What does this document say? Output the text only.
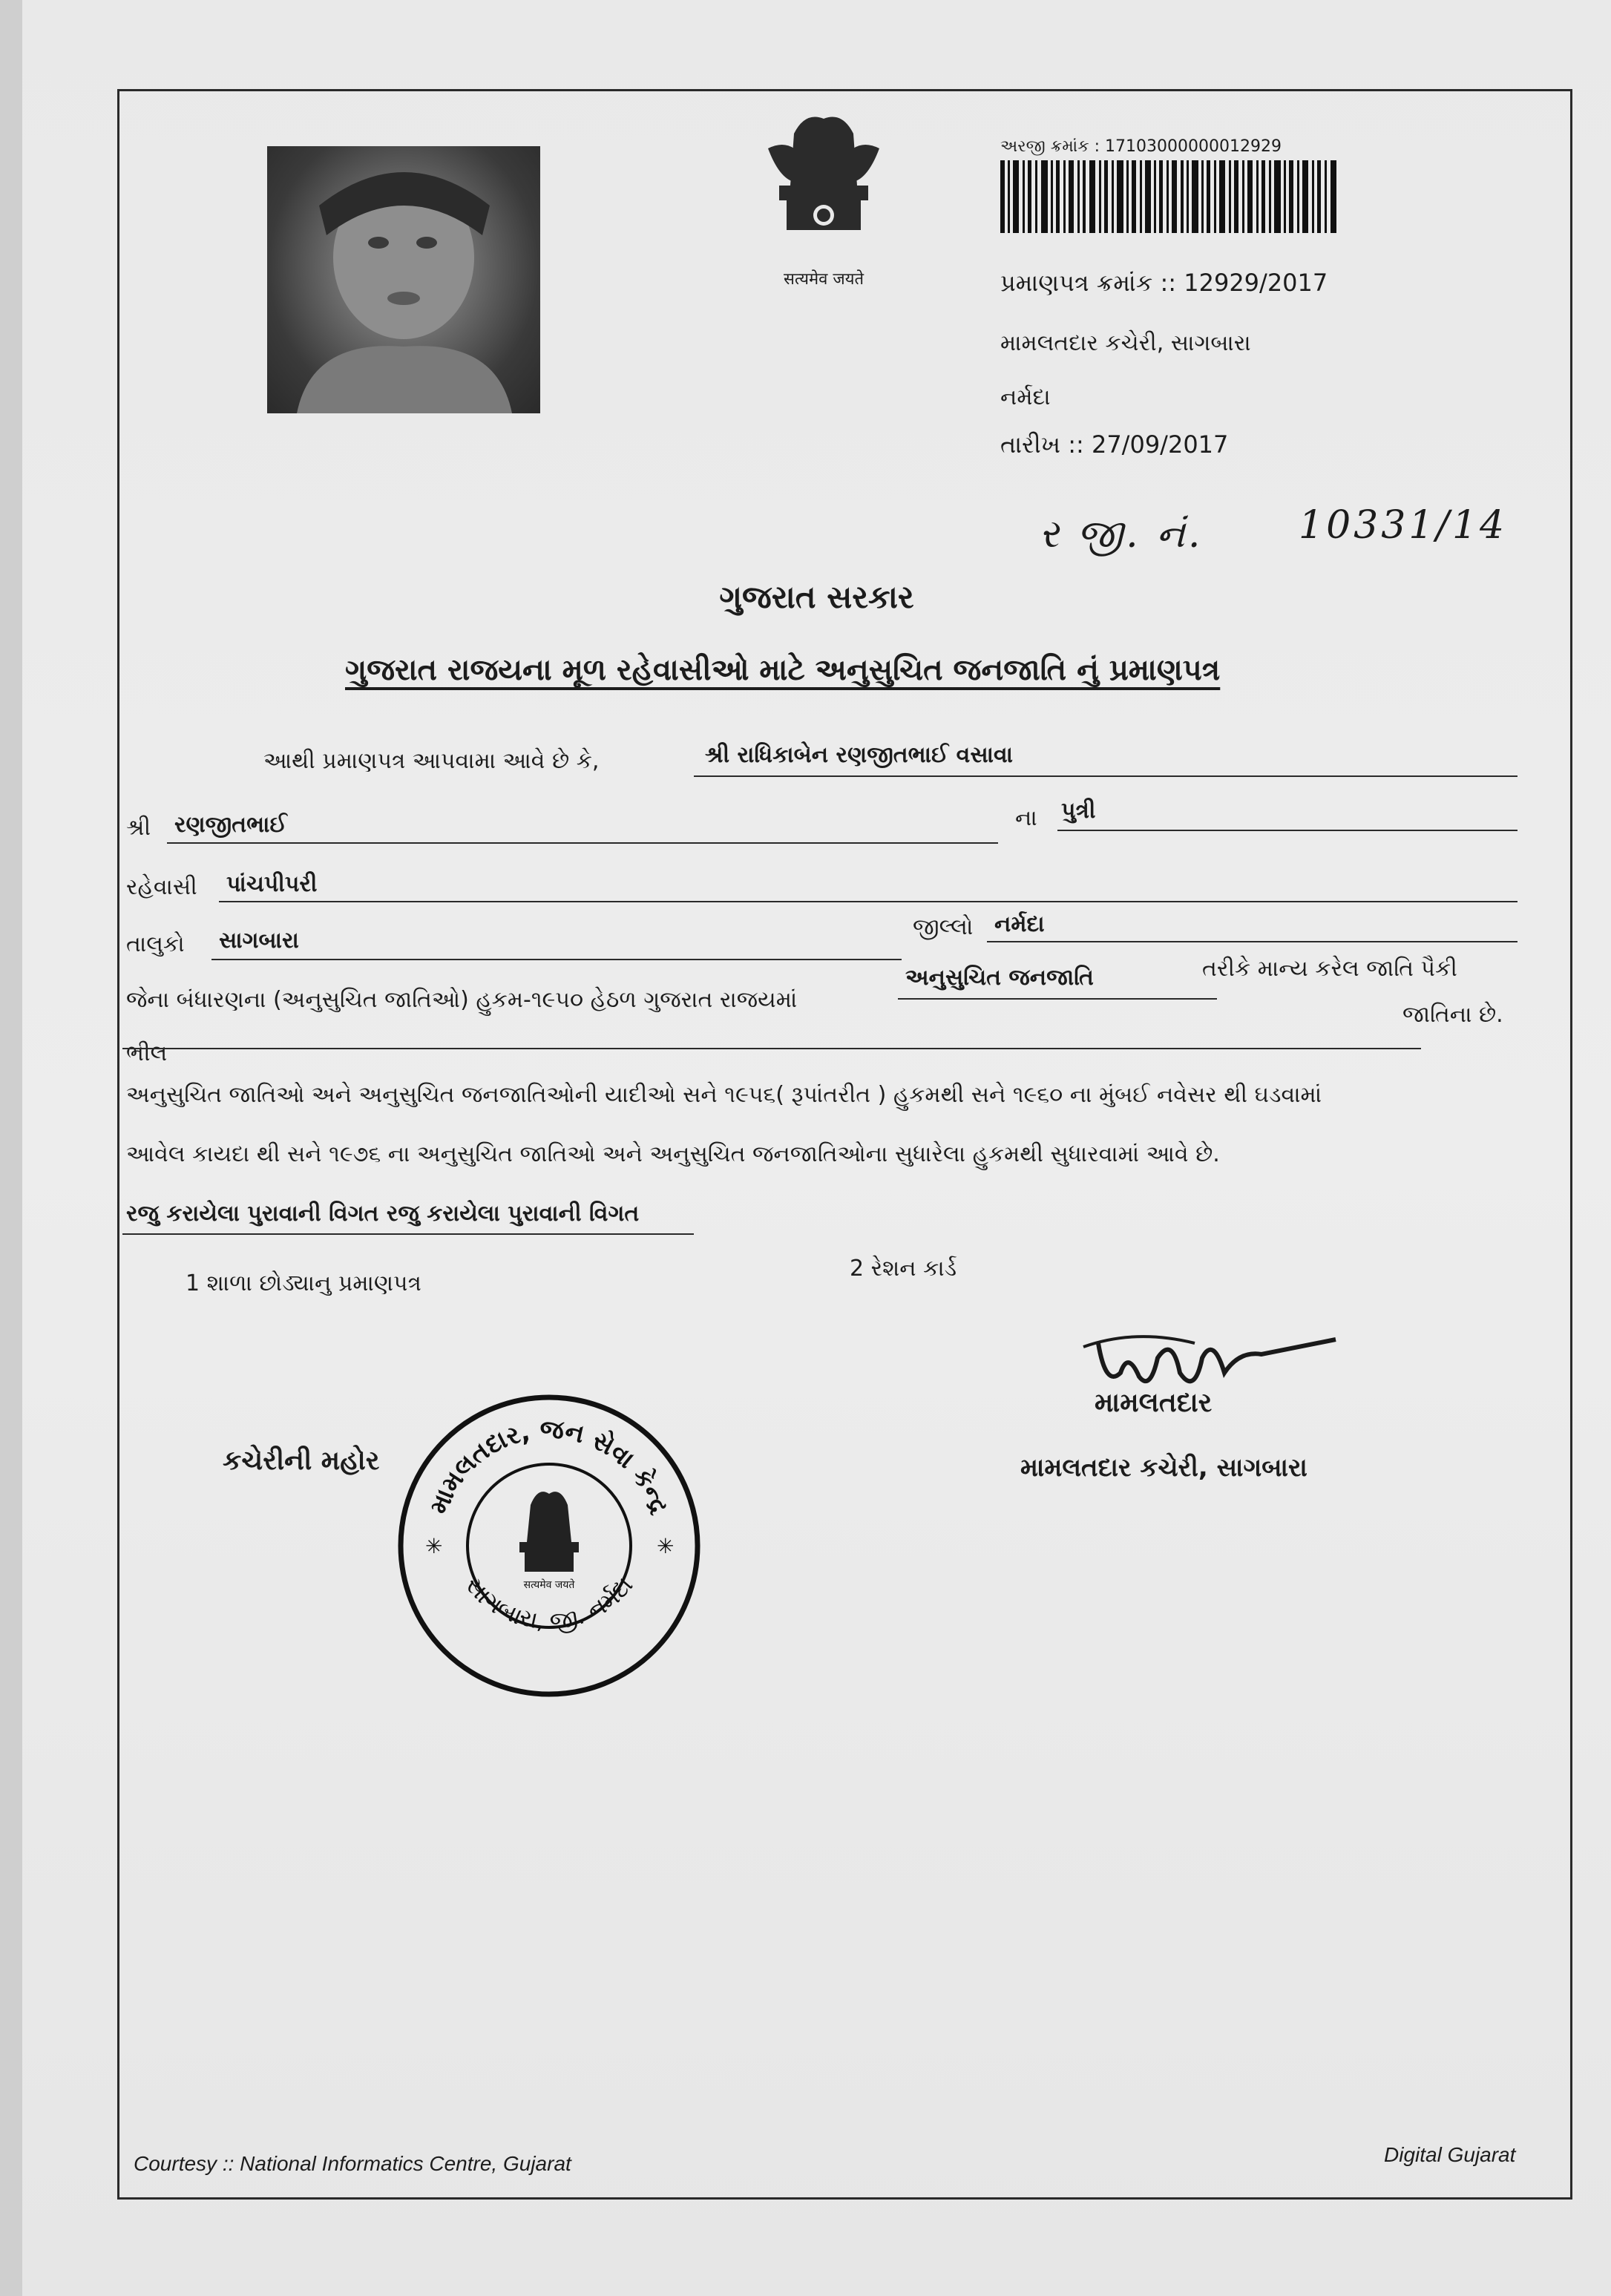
सत्यमेव जयते
અરજી ક્રમાંક : 17103000000012929
પ્રમાણપત્ર ક્રમાંક :: 12929/2017
મામલતદાર કચેરી, સાગબારા
નર્મદા
તારીખ :: 27/09/2017
ર જી. નં. 10331/14
ગુજરાત સરકાર
ગુજરાત રાજયના મૂળ રહેવાસીઓ માટે અનુસુચિત જનજાતિ નું પ્રમાણપત્ર
આથી પ્રમાણપત્ર આપવામા આવે છે કે,	શ્રી રાધિકાબેન રણજીતભાઈ વસાવા
શ્રી રણજીતભાઈ	ના પુત્રી
રહેવાસી પાંચપીપરી
તાલુકો સાગબારા
જીલ્લો નર્મદા
જેના બંધારણના (અનુસુચિત જાતિઓ) હુકમ-૧૯૫૦ હેઠળ ગુજરાત રાજયમાં
અનુસુચિત જનજાતિ	તરીકે માન્ય કરેલ જાતિ પૈકી
જાતિના છે.
ભીલ
અનુસુચિત જાતિઓ અને અનુસુચિત જનજાતિઓની યાદીઓ સને ૧૯૫૬( રૂપાંતરીત ) હુકમથી સને ૧૯૬૦ ના મુંબઈ નવેસર થી ઘડવામાં
આવેલ કાયદા થી સને ૧૯૭૬ ના અનુસુચિત જાતિઓ અને અનુસુચિત જનજાતિઓના સુધારેલા હુકમથી સુધારવામાં આવે છે.
રજુ કરાયેલા પુરાવાની વિગત રજુ કરાયેલા પુરાવાની વિગત
1 શાળા છોડ્યાનુ પ્રમાણપત્ર
2 રેશન કાર્ડ
મામલતદાર
મામલતદાર કચેરી, સાગબારા
કચેરીની મહોર
મામલતદાર, જન સેવા કેન્દ્ર
સાગબારા, જી. નર્મદા
✳	✳
सत्यमेव जयते
Courtesy :: National Informatics Centre, Gujarat	Digital Gujarat
